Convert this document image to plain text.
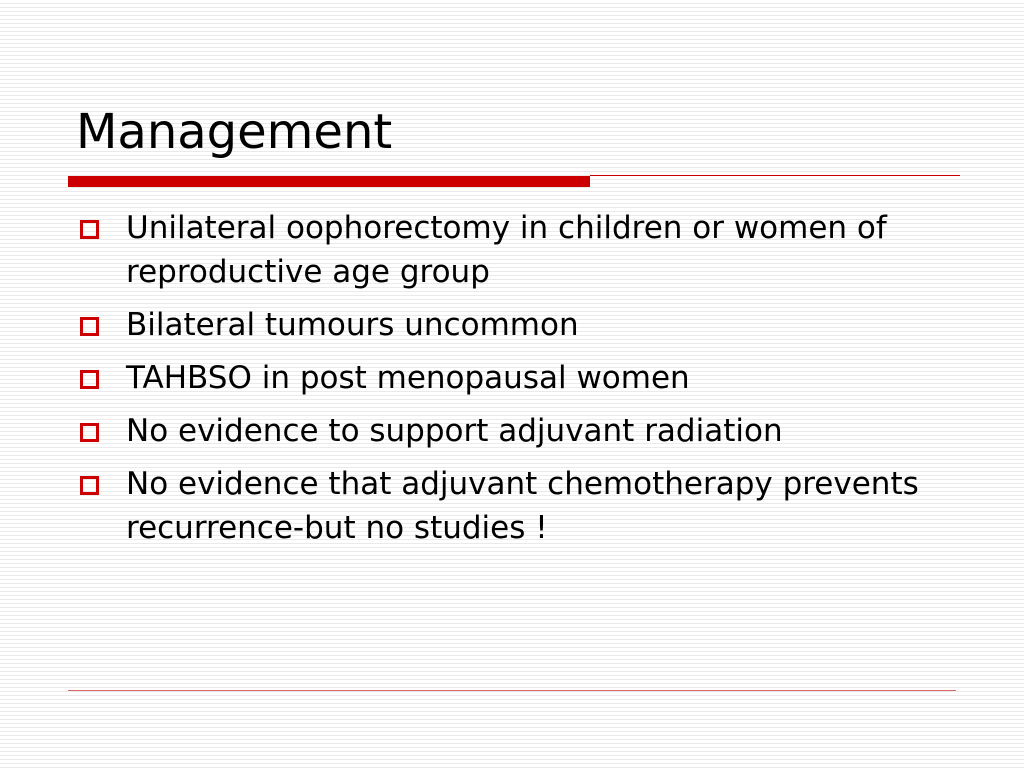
Management
Unilateral oophorectomy in children or women of reproductive age group
Bilateral tumours uncommon
TAHBSO in post menopausal women
No evidence to support adjuvant radiation
No evidence that adjuvant chemotherapy prevents recurrence-but no studies !
